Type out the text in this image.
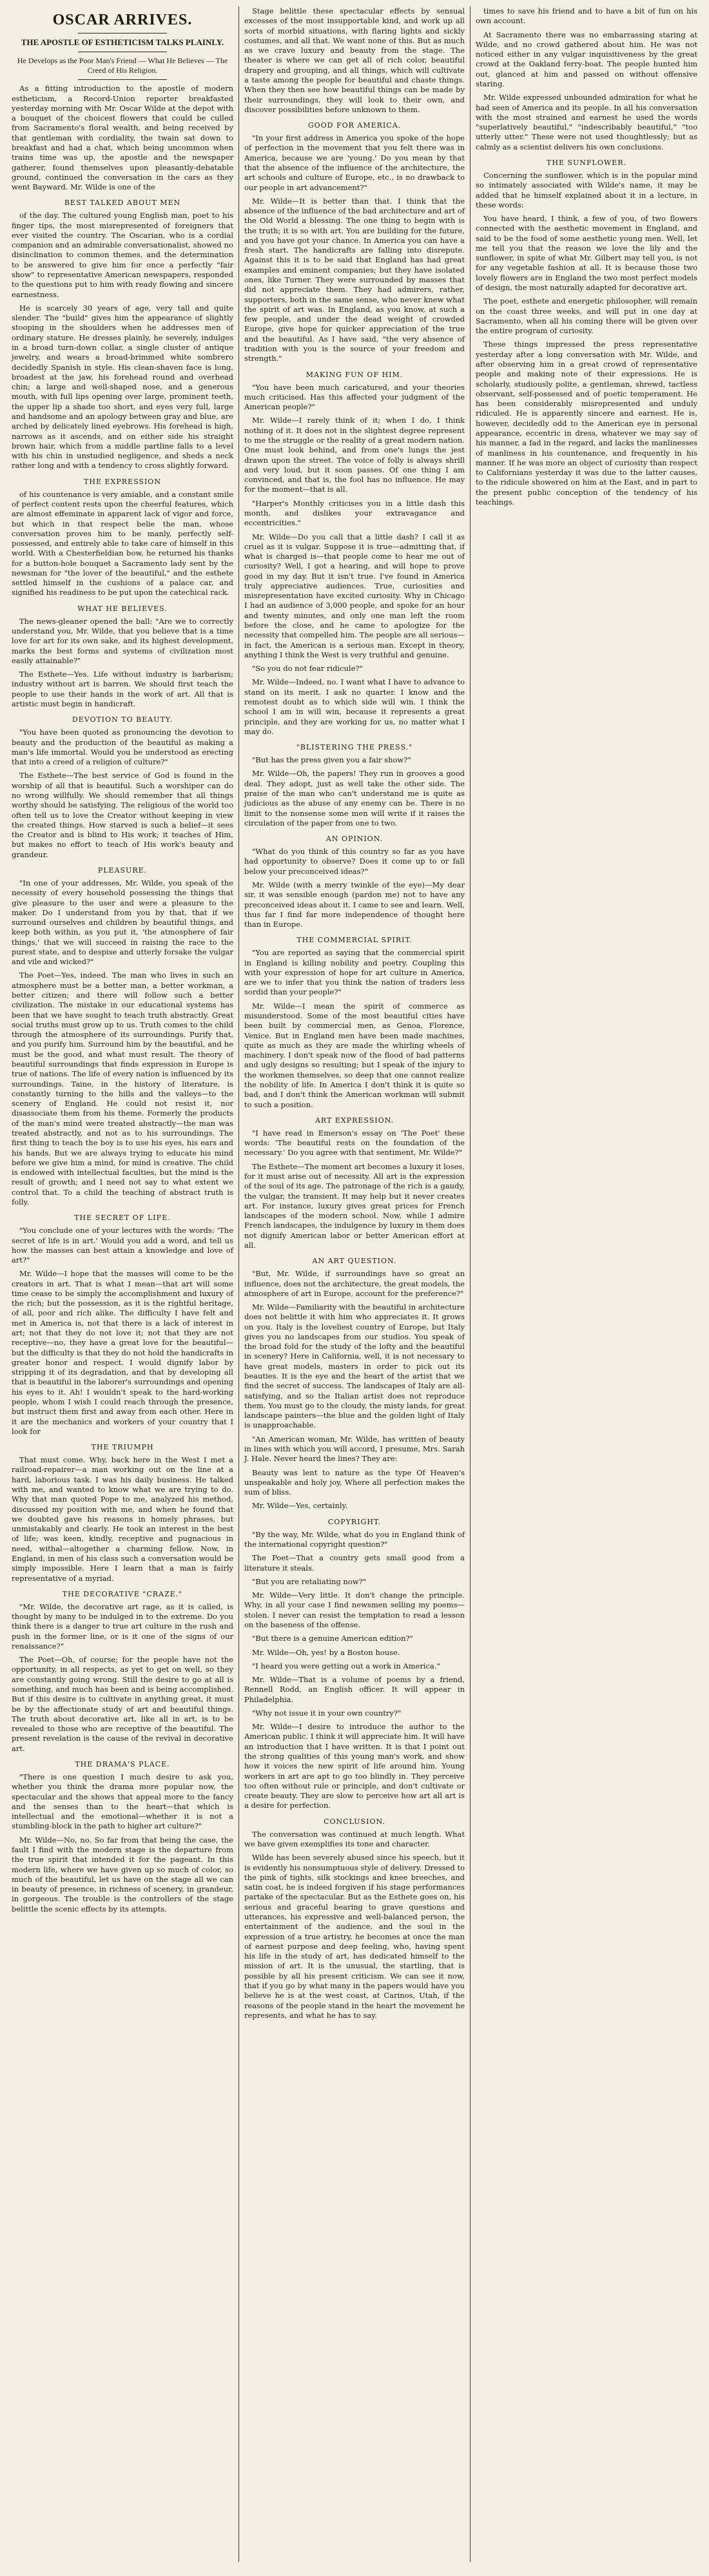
OSCAR ARRIVES.
THE APOSTLE OF ESTHETICISM TALKS PLAINLY.
He Develops as the Poor Man's Friend — What He Believes — The Creed of His Religion.

As a fitting introduction to the apostle of modern estheticism, a Record-Union reporter breakfasted yesterday morning with Mr. Oscar Wilde at the depot with a bouquet of the choicest flowers that could be culled from Sacramento's floral wealth, and being received by that gentleman with cordiality, the twain sat down to breakfast and had a chat, which being uncommon when trains time was up, the apostle and the newspaper gatherer, found themselves upon pleasantly-debatable ground, continued the conversation in the cars as they went Bayward. Mr. Wilde is one of the

BEST TALKED ABOUT MEN

of the day. The cultured young English man, poet to his finger tips, the most misrepresented of foreigners that ever visited the country. The Oscarian, who is a cordial companion and an admirable conversationalist, showed no disinclination to common themes, and the determination to be answered to give him for once a perfectly "fair show" to representative American newspapers, responded to the questions put to him with ready flowing and sincere earnestness.

He is scarcely 30 years of age, very tall and quite slender. The "build" gives him the appearance of slightly stooping in the shoulders when he addresses men of ordinary stature. He dresses plainly, he severely, indulges in a broad turn-down collar, a single cluster of antique jewelry, and wears a broad-brimmed white sombrero decidedly Spanish in style. His clean-shaven face is long, broadest at the jaw, his forehead round and overhead chin; a large and well-shaped nose, and a generous mouth, with full lips opening over large, prominent teeth, the upper lip a shade too short, and eyes very full, large and handsome and an apology between gray and blue, are arched by delicately lined eyebrows. His forehead is high, narrows as it ascends, and on either side his straight brown hair, which from a middle partline falls to a level with his chin in unstudied negligence, and sheds a neck rather long and with a tendency to cross slightly forward.

THE EXPRESSION

of his countenance is very amiable, and a constant smile of perfect content rests upon the cheerful features, which are almost effeminate in apparent lack of vigor and force, but which in that respect belie the man, whose conversation proves him to be manly, perfectly self-possessed, and entirely able to take care of himself in this world. With a Chesterfieldian bow, he returned his thanks for a button-hole bouquet a Sacramento lady sent by the newsman for "the lover of the beautiful," and the esthete settled himself in the cushions of a palace car, and signified his readiness to be put upon the catechical rack.

WHAT HE BELIEVES.

The news-gleaner opened the ball: "Are we to correctly understand you, Mr. Wilde, that you believe that is a time love for art for its own sake, and its highest development, marks the best forms and systems of civilization most easily attainable?"

The Esthete—Yes. Life without industry is barbarism; industry without art is barren. We should first teach the people to use their hands in the work of art. All that is artistic must begin in handicraft.

DEVOTION TO BEAUTY.

"You have been quoted as pronouncing the devotion to beauty and the production of the beautiful as making a man's life immortal. Would you be understood as erecting that into a creed of a religion of culture?"

The Esthete—The best service of God is found in the worship of all that is beautiful. Such a worshiper can do no wrong willfully. We should remember that all things worthy should be satisfying. The religious of the world too often tell us to love the Creator without keeping in view the created things. How starved is such a belief—it sees the Creator and is blind to His work; it teaches of Him, but makes no effort to teach of His work's beauty and grandeur.

PLEASURE.

"In one of your addresses, Mr. Wilde, you speak of the necessity of every household possessing the things that give pleasure to the user and were a pleasure to the maker. Do I understand from you by that, that if we surround ourselves and children by beautiful things, and keep both within, as you put it, 'the atmosphere of fair things,' that we will succeed in raising the race to the purest state, and to despise and utterly forsake the vulgar and vile and wicked?"

The Poet—Yes, indeed. The man who lives in such an atmosphere must be a better man, a better workman, a better citizen; and there will follow such a better civilization. The mistake in our educational systems has been that we have sought to teach truth abstractly. Great social truths must grow up to us. Truth comes to the child through the atmosphere of its surroundings. Purify that, and you purify him. Surround him by the beautiful, and he must be the good, and what must result. The theory of beautiful surroundings that finds expression in Europe is true of nations. The life of every nation is influenced by its surroundings. Taine, in the history of literature, is constantly turning to the hills and the valleys—to the scenery of England. He could not resist it, nor disassociate them from his theme. Formerly the products of the man's mind were treated abstractly—the man was treated abstractly, and not as to his surroundings. The first thing to teach the boy is to use his eyes, his ears and his hands. But we are always trying to educate his mind before we give him a mind, for mind is creative. The child is endowed with intellectual faculties, but the mind is the result of growth; and I need not say to what extent we control that. To a child the teaching of abstract truth is folly.

THE SECRET OF LIFE.

"You conclude one of your lectures with the words: 'The secret of life is in art.' Would you add a word, and tell us how the masses can best attain a knowledge and love of art?"

Mr. Wilde—I hope that the masses will come to be the creators in art. That is what I mean—that art will some time cease to be simply the accomplishment and luxury of the rich; but the possession, as it is the rightful heritage, of all, poor and rich alike. The difficulty I have felt and met in America is, not that there is a lack of interest in art; not that they do not love it; not that they are not receptive—no, they have a great love for the beautiful—but the difficulty is that they do not hold the handicrafts in greater honor and respect. I would dignify labor by stripping it of its degradation, and that by developing all that is beautiful in the laborer's surroundings and opening his eyes to it. Ah! I wouldn't speak to the hard-working people, whom I wish I could reach through the presence, but instruct them first and away from each other. Here in it are the mechanics and workers of your country that I look for

THE TRIUMPH

That must come. Why, back here in the West I met a railroad-repairer—a man working out on the line at a hard, laborious task. I was his daily business. He talked with me, and wanted to know what we are trying to do. Why that man quoted Pope to me, analyzed his method, discussed my position with me, and when he found that we doubted gave his reasons in homely phrases, but unmistakably and clearly. He took an interest in the best of life; was keen, kindly, receptive and pugnacious in need, withal—altogether a charming fellow. Now, in England, in men of his class such a conversation would be simply impossible. Here I learn that a man is fairly representative of a myriad.

THE DECORATIVE "CRAZE."

"Mr. Wilde, the decorative art rage, as it is called, is thought by many to be indulged in to the extreme. Do you think there is a danger to true art culture in the rush and push in the former line, or is it one of the signs of our renaissance?"

The Poet—Oh, of course; for the people have not the opportunity, in all respects, as yet to get on well, so they are constantly going wrong. Still the desire to go at all is something, and much has been and is being accomplished. But if this desire is to cultivate in anything great, it must be by the affectionate study of art and beautiful things. The truth about decorative art, like all in art, is to be revealed to those who are receptive of the beautiful. The present revelation is the cause of the revival in decorative art.

THE DRAMA'S PLACE.

"There is one question I much desire to ask you, whether you think the drama more popular now, the spectacular and the shows that appeal more to the fancy and the senses than to the heart—that which is intellectual and the emotional—whether it is not a stumbling-block in the path to higher art culture?"

Mr. Wilde—No, no. So far from that being the case, the fault I find with the modern stage is the departure from the true spirit that intended it for the pageant. In this modern life, where we have given up so much of color, so much of the beautiful, let us have on the stage all we can in beauty of presence, in richness of scenery, in grandeur, in gorgeous. The trouble is the controllers of the stage belittle the scenic effects by its attempts.

Stage belittle these spectacular effects by sensual excesses of the most insupportable kind, and work up all sorts of morbid situations, with flaring lights and sickly costumes, and all that. We want none of this. But as much as we crave luxury and beauty from the stage. The theater is where we can get all of rich color, beautiful drapery and grouping, and all things, which will cultivate a taste among the people for beautiful and chaste things. When they then see how beautiful things can be made by their surroundings, they will look to their own, and discover possibilities before unknown to them.

GOOD FOR AMERICA.

"In your first address in America you spoke of the hope of perfection in the movement that you felt there was in America, because we are 'young.' Do you mean by that that the absence of the influence of the architecture, the art schools and culture of Europe, etc., is no drawback to our people in art advancement?"

Mr. Wilde—It is better than that. I think that the absence of the influence of the bad architecture and art of the Old World a blessing. The one thing to begin with is the truth; it is so with art. You are building for the future, and you have got your chance. In America you can have a fresh start. The handicrafts are falling into disrepute. Against this it is to be said that England has had great examples and eminent companies; but they have isolated ones, like Turner. They were surrounded by masses that did not appreciate them. They had admirers, rather, supporters, both in the same sense, who never knew what the spirit of art was. In England, as you know, at such a few people, and under the dead weight of crowded Europe, give hope for quicker appreciation of the true and the beautiful. As I have said, "the very absence of tradition with you is the source of your freedom and strength."

MAKING FUN OF HIM.

"You have been much caricatured, and your theories much criticised. Has this affected your judgment of the American people?"

Mr. Wilde—I rarely think of it; when I do, I think nothing of it. It does not in the slightest degree represent to me the struggle or the reality of a great modern nation. One must look behind, and from one's lungs the jest drawn upon the street. The voice of folly is always shrill and very loud, but it soon passes. Of one thing I am convinced, and that is, the fool has no influence. He may for the moment—that is all.

"Harper's Monthly criticises you in a little dash this month, and dislikes your extravagance and eccentricities."

Mr. Wilde—Do you call that a little dash? I call it as cruel as it is vulgar. Suppose it is true—admitting that, if what is charged is—that people come to hear me out of curiosity? Well, I got a hearing, and will hope to prove good in my day. But it isn't true. I've found in America truly appreciative audiences. True, curiosities and misrepresentation have excited curiosity. Why in Chicago I had an audience of 3,000 people, and spoke for an hour and twenty minutes, and only one man left the room before the close, and he came to apologize for the necessity that compelled him. The people are all serious—in fact, the American is a serious man. Except in theory, anything I think the West is very truthful and genuine.

"So you do not fear ridicule?"

Mr. Wilde—Indeed, no. I want what I have to advance to stand on its merit. I ask no quarter. I know and the remotest doubt as to which side will win. I think the school I am in will win, because it represents a great principle, and they are working for us, no matter what I may do.

"BLISTERING THE PRESS."

"But has the press given you a fair show?"

Mr. Wilde—Oh, the papers! They run in grooves a good deal. They adopt, just as well take the other side. The praise of the man who can't understand me is quite as judicious as the abuse of any enemy can be. There is no limit to the nonsense some men will write if it raises the circulation of the paper from one to two.

AN OPINION.

"What do you think of this country so far as you have had opportunity to observe? Does it come up to or fall below your preconceived ideas?"

Mr. Wilde (with a merry twinkle of the eye)—My dear sir, it was sensible enough (pardon me) not to have any preconceived ideas about it. I came to see and learn. Well, thus far I find far more independence of thought here than in Europe.

THE COMMERCIAL SPIRIT.

"You are reported as saying that the commercial spirit in England is killing nobility and poetry. Coupling this with your expression of hope for art culture in America, are we to infer that you think the nation of traders less sordid than your people?"

Mr. Wilde—I mean the spirit of commerce as misunderstood. Some of the most beautiful cities have been built by commercial men, as Genoa, Florence, Venice. But in England men have been made machines, quite as much as they are made the whirling wheels of machinery. I don't speak now of the flood of bad patterns and ugly designs so resulting; but I speak of the injury to the workmen themselves, so deep that one cannot realize the nobility of life. In America I don't think it is quite so bad, and I don't think the American workman will submit to such a position.

ART EXPRESSION.

"I have read in Emerson's essay on 'The Poet' these words: 'The beautiful rests on the foundation of the necessary.' Do you agree with that sentiment, Mr. Wilde?"

The Esthete—The moment art becomes a luxury it loses, for it must arise out of necessity. All art is the expression of the soul of its age. The patronage of the rich is a gaudy, the vulgar, the transient. It may help but it never creates art. For instance, luxury gives great prices for French landscapes of the modern school. Now, while I admire French landscapes, the indulgence by luxury in them does not dignify American labor or better American effort at all.

AN ART QUESTION.

"But, Mr. Wilde, if surroundings have so great an influence, does not the architecture, the great models, the atmosphere of art in Europe, account for the preference?"

Mr. Wilde—Familiarity with the beautiful in architecture does not belittle it with him who appreciates it. It grows on you. Italy is the loveliest country of Europe, but Italy gives you no landscapes from our studios. You speak of the broad fold for the study of the lofty and the beautiful in scenery? Here in California, well, it is not necessary to have great models, masters in order to pick out its beauties. It is the eye and the heart of the artist that we find the secret of success. The landscapes of Italy are all-satisfying, and so the Italian artist does not reproduce them. You must go to the cloudy, the misty lands, for great landscape painters—the blue and the golden light of Italy is unapproachable.

"An American woman, Mr. Wilde, has written of beauty in lines with which you will accord, I presume, Mrs. Sarah J. Hale. Never heard the lines? They are:

Beauty was lent to nature as the type Of Heaven's unspeakable and holy joy, Where all perfection makes the sum of bliss.

Mr. Wilde—Yes, certainly.

COPYRIGHT.

"By the way, Mr. Wilde, what do you in England think of the international copyright question?"

The Poet—That a country gets small good from a literature it steals.

"But you are retaliating now?"

Mr. Wilde—Very little. It don't change the principle. Why, in all your case I find newsmen selling my poems—stolen. I never can resist the temptation to read a lesson on the baseness of the offense.

"But there is a genuine American edition?"

Mr. Wilde—Oh, yes! by a Boston house.

"I heard you were getting out a work in America."

Mr. Wilde—That is a volume of poems by a friend, Rennell Rodd, an English officer. It will appear in Philadelphia.

"Why not issue it in your own country?"

Mr. Wilde—I desire to introduce the author to the American public. I think it will appreciate him. It will have an introduction that I have written. It is that I point out the strong qualities of this young man's work, and show how it voices the new spirit of life around him. Young workers in art are apt to go too blindly in. They perceive too often without rule or principle, and don't cultivate or create beauty. They are slow to perceive how art all art is a desire for perfection.

CONCLUSION.

The conversation was continued at much length. What we have given exemplifies its tone and character.

Wilde has been severely abused since his speech, but it is evidently his nonsumptuous style of delivery. Dressed to the pink of tights, silk stockings and knee breeches, and satin coat, he is indeed forgiven if his stage performances partake of the spectacular. But as the Esthete goes on, his serious and graceful bearing to grave questions and utterances, his expressive and well-balanced person, the entertainment of the audience, and the soul in the expression of a true artistry, he becomes at once the man of earnest purpose and deep feeling, who, having spent his life in the study of art, has dedicated himself to the mission of art. It is the unusual, the startling, that is possible by all his present criticism. We can see it now, that if you go by what many in the papers would have you believe he is at the west coast, at Carinos, Utah, if the reasons of the people stand in the heart the movement he represents, and what he has to say.

times to save his friend and to have a bit of fun on his own account.

At Sacramento there was no embarrassing staring at Wilde, and no crowd gathered about him. He was not noticed either in any vulgar inquisitiveness by the great crowd at the Oakland ferry-boat. The people hunted him out, glanced at him and passed on without offensive staring.

Mr. Wilde expressed unbounded admiration for what he had seen of America and its people. In all his conversation with the most strained and earnest he used the words "superlatively beautiful," "indescribably beautiful," "too utterly utter." These were not used thoughtlessly; but as calmly as a scientist delivers his own conclusions.

THE SUNFLOWER.

Concerning the sunflower, which is in the popular mind so intimately associated with Wilde's name, it may be added that he himself explained about it in a lecture, in these words:

You have heard, I think, a few of you, of two flowers connected with the aesthetic movement in England, and said to be the food of some aesthetic young men. Well, let me tell you that the reason we love the lily and the sunflower, in spite of what Mr. Gilbert may tell you, is not for any vegetable fashion at all. It is because those two lovely flowers are in England the two most perfect models of design, the most naturally adapted for decorative art.

The poet, esthete and energetic philosopher, will remain on the coast three weeks, and will put in one day at Sacramento, when all his coming there will be given over the entire program of curiosity.

These things impressed the press representative yesterday after a long conversation with Mr. Wilde, and after observing him in a great crowd of representative people and making note of their expressions. He is scholarly, studiously polite, a gentleman, shrewd, tactless observant, self-possessed and of poetic temperament. He has been considerably misrepresented and unduly ridiculed. He is apparently sincere and earnest. He is, however, decidedly odd to the American eye in personal appearance, eccentric in dress, whatever we may say of his manner, a fad in the regard, and lacks the manlinesses of manliness in his countenance, and frequently in his manner. If he was more an object of curiosity than respect to Californians yesterday it was due to the latter causes, to the ridicule showered on him at the East, and in part to the present public conception of the tendency of his teachings.
